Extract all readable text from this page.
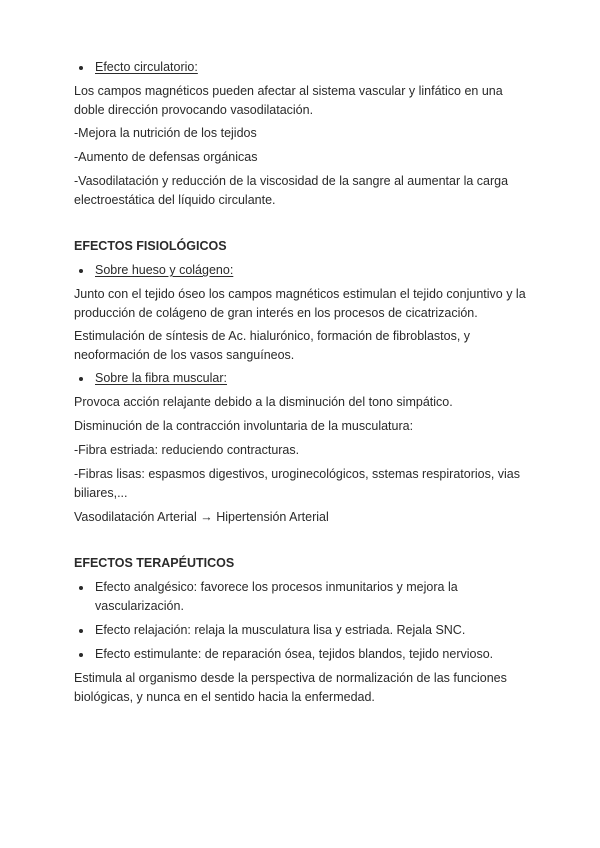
Efecto circulatorio:

Los campos magnéticos pueden afectar al sistema vascular y linfático en una doble dirección provocando vasodilatación.

-Mejora la nutrición de los tejidos

-Aumento de defensas orgánicas

-Vasodilatación y reducción de la viscosidad de la sangre al aumentar la carga electroestática del líquido circulante.

EFECTOS FISIOLÓGICOS

Sobre hueso y colágeno:

Junto con el tejido óseo los campos magnéticos estimulan el tejido conjuntivo y la producción de colágeno de gran interés en los procesos de cicatrización.

Estimulación de síntesis de Ac. hialurónico, formación de fibroblastos, y neoformación de los vasos sanguíneos.

Sobre la fibra muscular:

Provoca acción relajante debido a la disminución del tono simpático.

Disminución de la contracción involuntaria de la musculatura:

-Fibra estriada: reduciendo contracturas.

-Fibras lisas: espasmos digestivos, uroginecológicos, sstemas respiratorios, vias biliares,...

Vasodilatación Arterial → Hipertensión Arterial

EFECTOS TERAPÉUTICOS

Efecto analgésico: favorece los procesos inmunitarios y mejora la vascularización.
Efecto relajación: relaja la musculatura lisa y estriada. Rejala SNC.
Efecto estimulante: de reparación ósea, tejidos blandos, tejido nervioso.

Estimula al organismo desde la perspectiva de normalización de las funciones biológicas, y nunca en el sentido hacia la enfermedad.
